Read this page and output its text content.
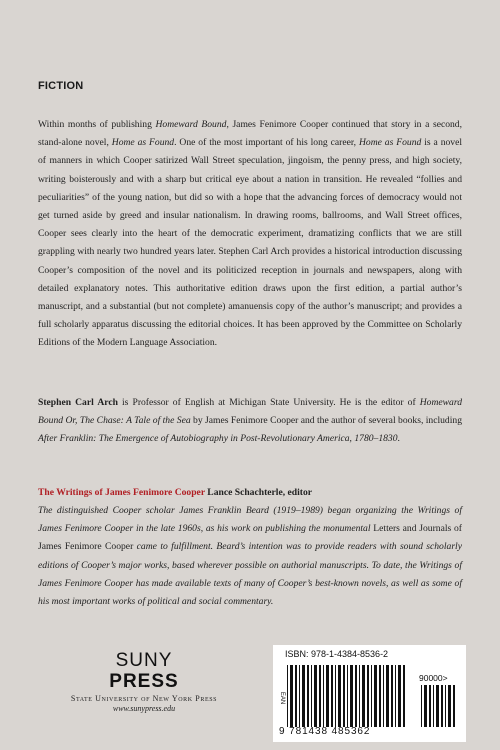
FICTION

Within months of publishing Homeward Bound, James Fenimore Cooper continued that story in a second, stand-alone novel, Home as Found. One of the most important of his long career, Home as Found is a novel of manners in which Cooper satirized Wall Street speculation, jingoism, the penny press, and high society, writing boisterously and with a sharp but critical eye about a nation in transition. He revealed “follies and peculiarities” of the young nation, but did so with a hope that the advancing forces of democracy would not get turned aside by greed and insular nationalism. In drawing rooms, ballrooms, and Wall Street offices, Cooper sees clearly into the heart of the democratic experiment, dramatizing conflicts that we are still grappling with nearly two hundred years later. Stephen Carl Arch provides a historical introduction discussing Cooper’s composition of the novel and its politicized reception in journals and newspapers, along with detailed explanatory notes. This authoritative edition draws upon the first edition, a partial author’s manuscript, and a substantial (but not complete) amanuensis copy of the author’s manuscript; and provides a full scholarly apparatus discussing the editorial choices. It has been approved by the Committee on Scholarly Editions of the Modern Language Association.

Stephen Carl Arch is Professor of English at Michigan State University. He is the editor of Homeward Bound Or, The Chase: A Tale of the Sea by James Fenimore Cooper and the author of several books, including After Franklin: The Emergence of Autobiography in Post-Revolutionary America, 1780–1830.

The Writings of James Fenimore Cooper Lance Schachterle, editor

The distinguished Cooper scholar James Franklin Beard (1919–1989) began organizing the Writings of James Fenimore Cooper in the late 1960s, as his work on publishing the monumental Letters and Journals of James Fenimore Cooper came to fulfillment. Beard’s intention was to provide readers with sound scholarly editions of Cooper’s major works, based wherever possible on authorial manuscripts. To date, the Writings of James Fenimore Cooper has made available texts of many of Cooper’s best-known novels, as well as some of his most important works of political and social commentary.

SUNY
PRESS
State University of New York Press
www.sunypress.edu
ISBN: 978-1-4384-8536-2
EAN
90000>
9 781438 485362
